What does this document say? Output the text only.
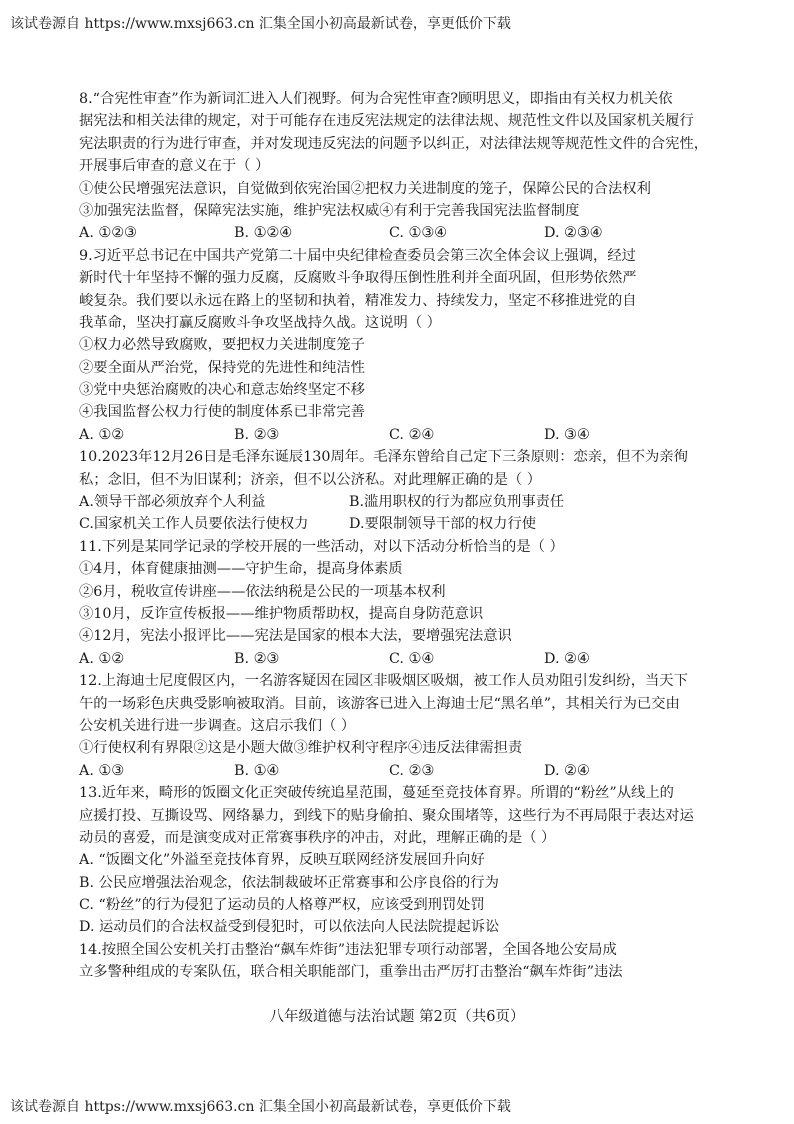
该试卷源自 https://www.mxsj663.cn 汇集全国小初高最新试卷，享更低价下载
8.“合宪性审查”作为新词汇进入人们视野。何为合宪性审查?顾明思义，即指由有关权力机关依
据宪法和相关法律的规定，对于可能存在违反宪法规定的法律法规、规范性文件以及国家机关履行
宪法职责的行为进行审查，并对发现违反宪法的问题予以纠正，对法律法规等规范性文件的合宪性，
开展事后审查的意义在于（ ）
①使公民增强宪法意识，自觉做到依宪治国②把权力关进制度的笼子，保障公民的合法权利
③加强宪法监督，保障宪法实施，维护宪法权威④有利于完善我国宪法监督制度
A. ①②③	B. ①②④	C. ①③④	D. ②③④
9.习近平总书记在中国共产党第二十届中央纪律检查委员会第三次全体会议上强调，经过
新时代十年坚持不懈的强力反腐，反腐败斗争取得压倒性胜利并全面巩固，但形势依然严
峻复杂。我们要以永远在路上的坚韧和执着，精准发力、持续发力，坚定不移推进党的自
我革命，坚决打赢反腐败斗争攻坚战持久战。这说明（ ）
①权力必然导致腐败，要把权力关进制度笼子
②要全面从严治党，保持党的先进性和纯洁性
③党中央惩治腐败的决心和意志始终坚定不移
④我国监督公权力行使的制度体系已非常完善
A. ①②	B. ②③	C. ②④	D. ③④
10.2023年12月26日是毛泽东诞辰130周年。毛泽东曾给自己定下三条原则：恋亲，但不为亲徇
私；念旧，但不为旧谋利；济亲，但不以公济私。对此理解正确的是（ ）
A.领导干部必须放弃个人利益	B.滥用职权的行为都应负刑事责任
C.国家机关工作人员要依法行使权力	D.要限制领导干部的权力行使
11.下列是某同学记录的学校开展的一些活动，对以下活动分析恰当的是（ ）
①4月，体育健康抽测——守护生命，提高身体素质
②6月，税收宣传讲座——依法纳税是公民的一项基本权利
③10月，反诈宣传板报——维护物质帮助权，提高自身防范意识
④12月，宪法小报评比——宪法是国家的根本大法，要增强宪法意识
A. ①②	B. ②③	C. ①④	D. ②④
12.上海迪士尼度假区内，一名游客疑因在园区非吸烟区吸烟，被工作人员劝阻引发纠纷，当天下
午的一场彩色庆典受影响被取消。目前，该游客已进入上海迪士尼“黑名单”，其相关行为已交由
公安机关进行进一步调查。这启示我们（ ）
①行使权利有界限②这是小题大做③维护权利守程序④违反法律需担责
A. ①③	B. ①④	C. ②③	D. ②④
13.近年来，畸形的饭圈文化正突破传统追星范围，蔓延至竞技体育界。所谓的“粉丝”从线上的
应援打投、互撕设骂、网络暴力，到线下的贴身偷拍、聚众围堵等，这些行为不再局限于表达对运
动员的喜爱，而是演变成对正常赛事秩序的冲击，对此，理解正确的是（ ）
A. “饭圈文化”外溢至竞技体育界，反映互联网经济发展回升向好
B. 公民应增强法治观念，依法制裁破坏正常赛事和公序良俗的行为
C. “粉丝”的行为侵犯了运动员的人格尊严权，应该受到刑罚处罚
D. 运动员们的合法权益受到侵犯时，可以依法向人民法院提起诉讼
14.按照全国公安机关打击整治“飙车炸街”违法犯罪专项行动部署，全国各地公安局成
立多警种组成的专案队伍，联合相关职能部门，重拳出击严厉打击整治“飙车炸街”违法
八年级道德与法治试题 第2页（共6页）
该试卷源自 https://www.mxsj663.cn 汇集全国小初高最新试卷，享更低价下载
